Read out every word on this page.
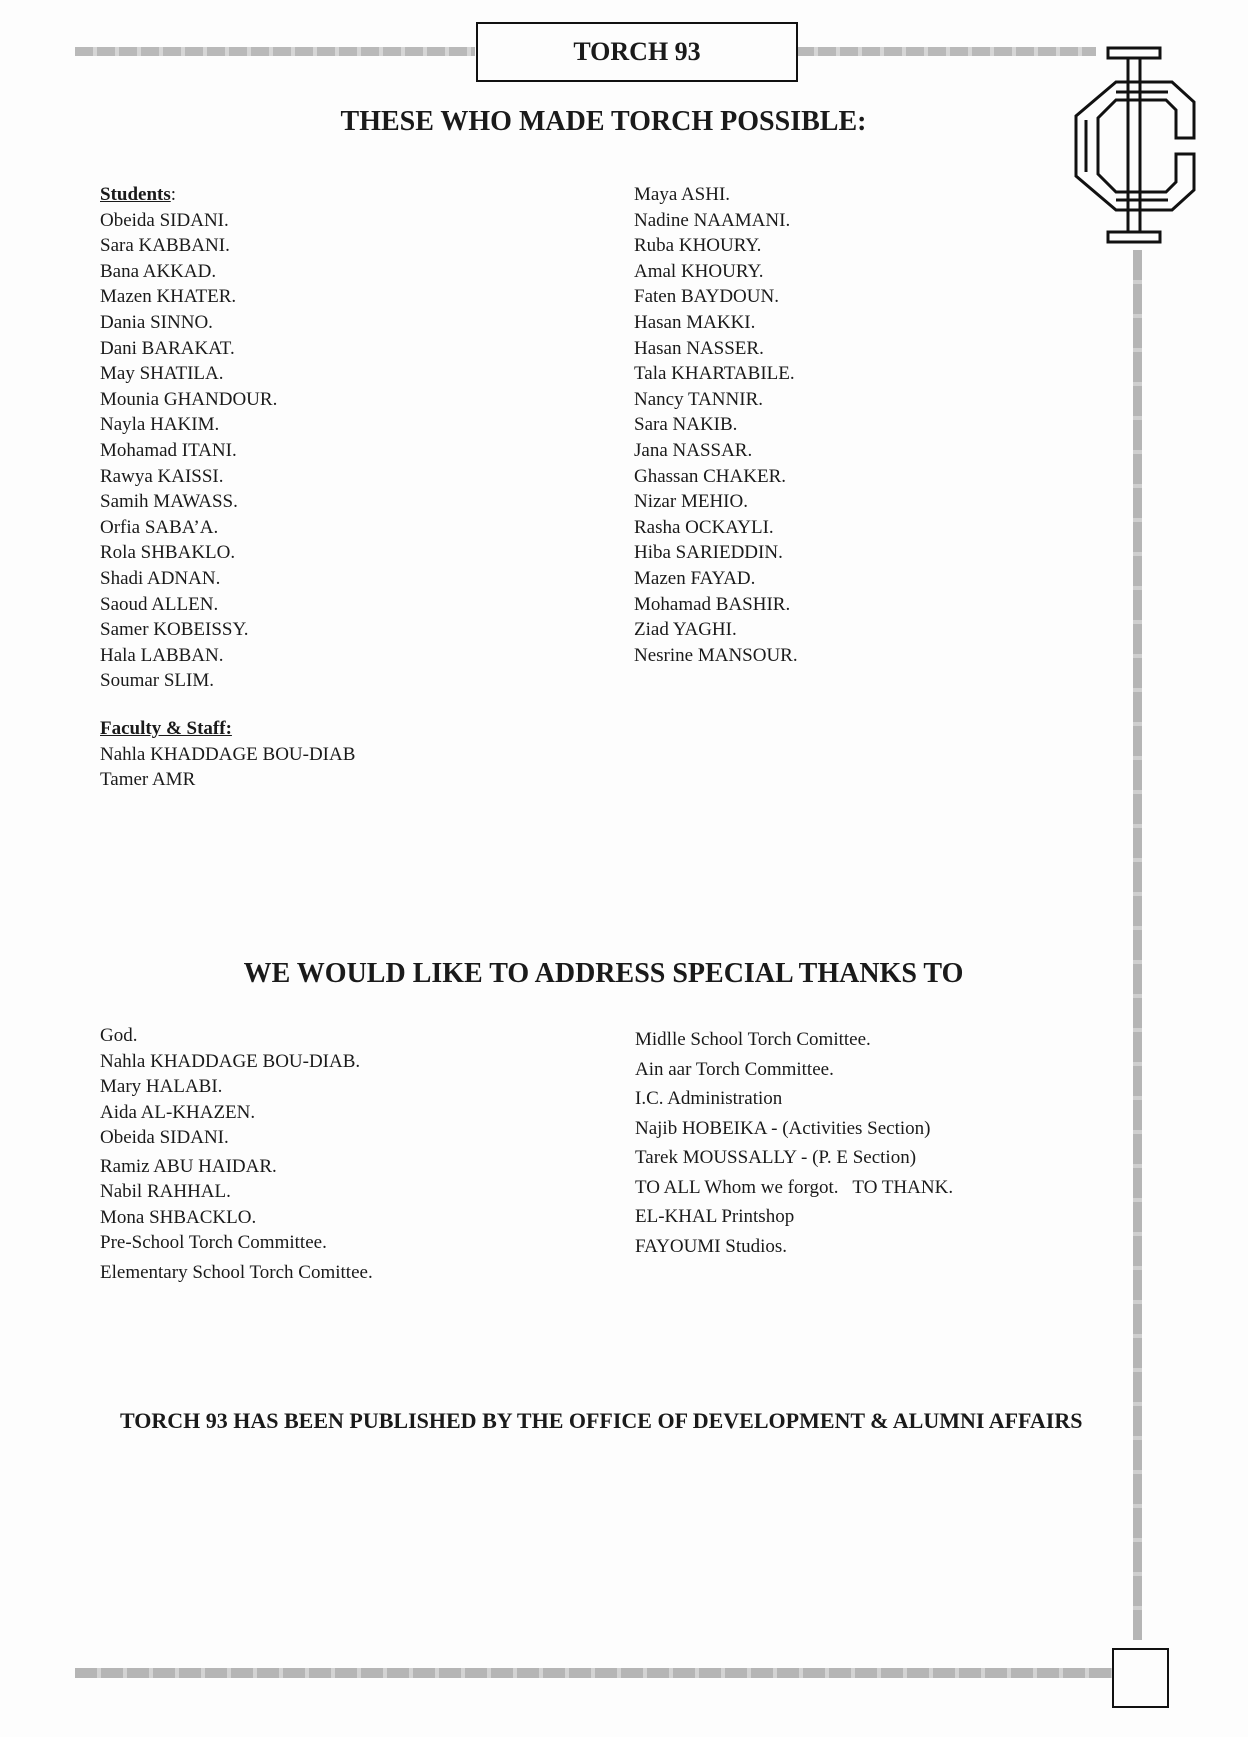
TORCH 93
THESE WHO MADE TORCH POSSIBLE:
Students:
Obeida SIDANI.
Sara KABBANI.
Bana AKKAD.
Mazen KHATER.
Dania SINNO.
Dani BARAKAT.
May SHATILA.
Mounia GHANDOUR.
Nayla HAKIM.
Mohamad ITANI.
Rawya KAISSI.
Samih MAWASS.
Orfia SABA’A.
Rola SHBAKLO.
Shadi ADNAN.
Saoud ALLEN.
Samer KOBEISSY.
Hala LABBAN.
Soumar SLIM.
Maya ASHI.
Nadine NAAMANI.
Ruba KHOURY.
Amal KHOURY.
Faten BAYDOUN.
Hasan MAKKI.
Hasan NASSER.
Tala KHARTABILE.
Nancy TANNIR.
Sara NAKIB.
Jana NASSAR.
Ghassan CHAKER.
Nizar MEHIO.
Rasha OCKAYLI.
Hiba SARIEDDIN.
Mazen FAYAD.
Mohamad BASHIR.
Ziad YAGHI.
Nesrine MANSOUR.
Faculty & Staff:
Nahla KHADDAGE BOU-DIAB
Tamer AMR
WE WOULD LIKE TO ADDRESS SPECIAL THANKS TO
God.
Nahla KHADDAGE BOU-DIAB.
Mary HALABI.
Aida AL-KHAZEN.
Obeida SIDANI.
Ramiz ABU HAIDAR.
Nabil RAHHAL.
Mona SHBACKLO.
Pre-School Torch Committee.
Elementary School Torch Comittee.
Midlle School Torch Comittee.
Ain aar Torch Committee.
I.C. Administration
Najib HOBEIKA - (Activities Section)
Tarek MOUSSALLY - (P. E Section)
TO ALL Whom we forgot.   TO THANK.
EL-KHAL Printshop
FAYOUMI Studios.
TORCH 93 HAS BEEN PUBLISHED BY THE OFFICE OF DEVELOPMENT & ALUMNI AFFAIRS
